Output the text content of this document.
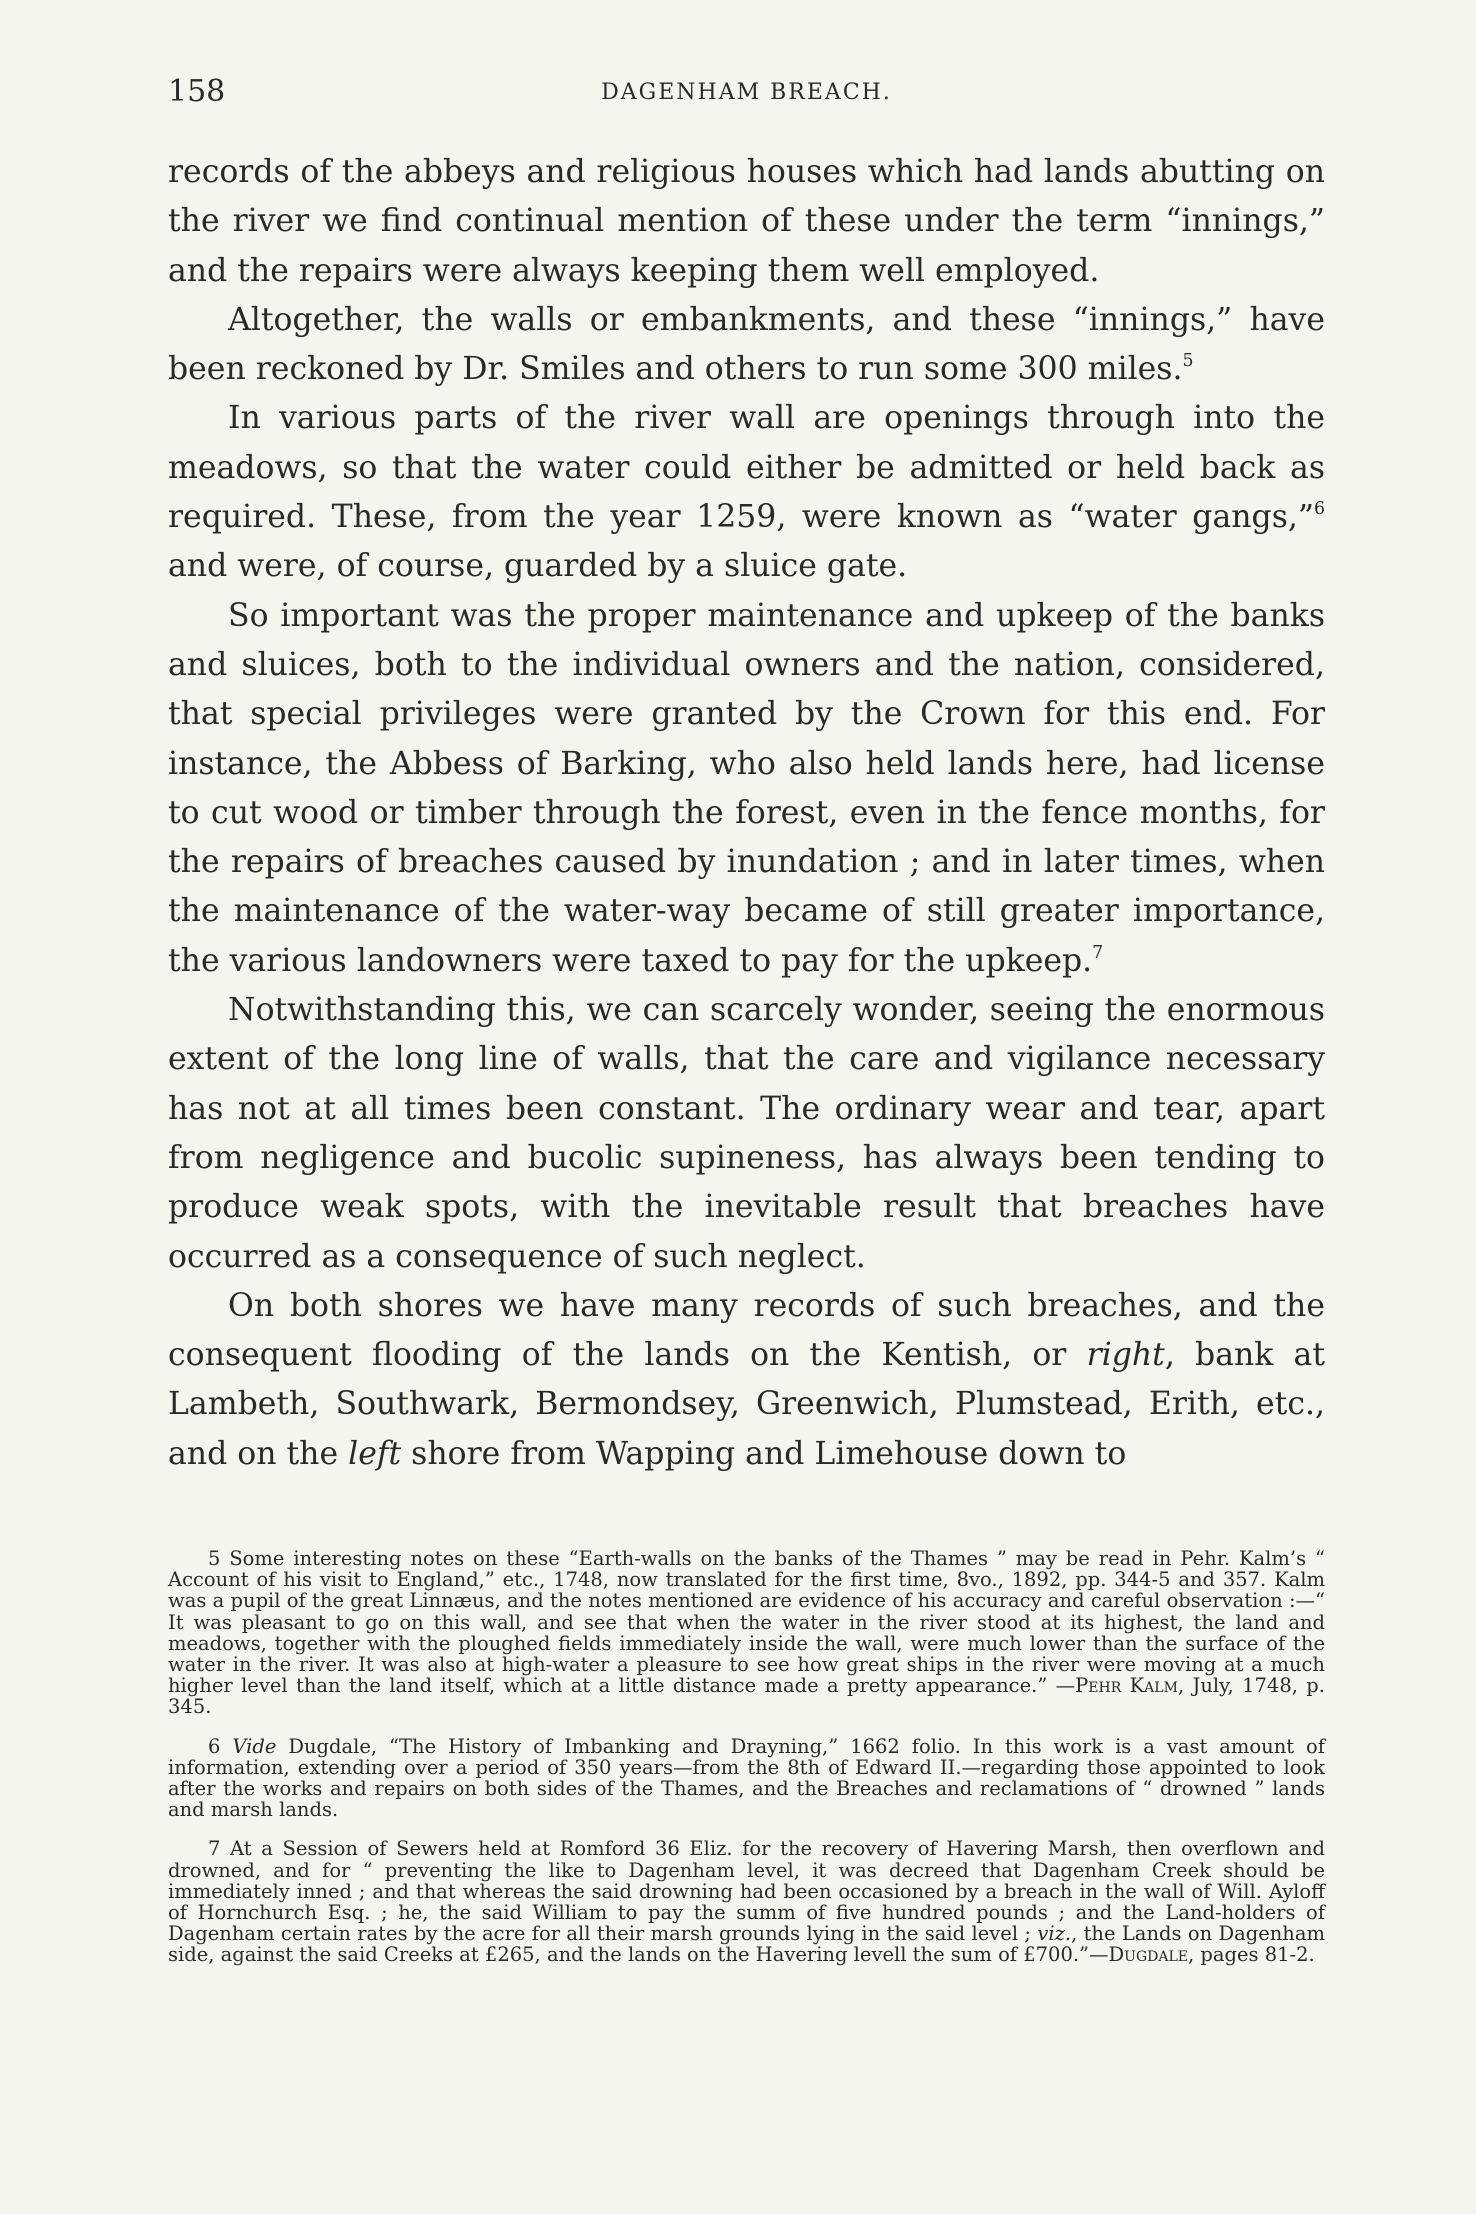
158	DAGENHAM BREACH.

records of the abbeys and religious houses which had lands abutting on the river we find continual mention of these under the term “innings,” and the repairs were always keeping them well employed.

Altogether, the walls or embankments, and these “innings,” have been reckoned by Dr. Smiles and others to run some 300 miles.$^5$

In various parts of the river wall are openings through into the meadows, so that the water could either be admitted or held back as required. These, from the year 1259, were known as “water gangs,”$^6$ and were, of course, guarded by a sluice gate.

So important was the proper maintenance and upkeep of the banks and sluices, both to the individual owners and the nation, considered, that special privileges were granted by the Crown for this end. For instance, the Abbess of Barking, who also held lands here, had license to cut wood or timber through the forest, even in the fence months, for the repairs of breaches caused by inundation ; and in later times, when the maintenance of the water-way became of still greater importance, the various landowners were taxed to pay for the upkeep.$^7$

Notwithstanding this, we can scarcely wonder, seeing the enormous extent of the long line of walls, that the care and vigilance necessary has not at all times been constant. The ordinary wear and tear, apart from negligence and bucolic supineness, has always been tending to produce weak spots, with the inevitable result that breaches have occurred as a consequence of such neglect.

On both shores we have many records of such breaches, and the consequent flooding of the lands on the Kentish, or right, bank at Lambeth, Southwark, Bermondsey, Greenwich, Plumstead, Erith, etc., and on the left shore from Wapping and Limehouse down to

5 Some interesting notes on these “Earth-walls on the banks of the Thames ” may be read in Pehr. Kalm’s “ Account of his visit to England,” etc., 1748, now translated for the first time, 8vo., 1892, pp. 344-5 and 357. Kalm was a pupil of the great Linnæus, and the notes mentioned are evidence of his accuracy and careful observation :—“ It was pleasant to go on this wall, and see that when the water in the river stood at its highest, the land and meadows, together with the ploughed fields immediately inside the wall, were much lower than the surface of the water in the river. It was also at high-water a pleasure to see how great ships in the river were moving at a much higher level than the land itself, which at a little distance made a pretty appearance.” —Pehr Kalm, July, 1748, p. 345.

6 Vide Dugdale, “The History of Imbanking and Drayning,” 1662 folio. In this work is a vast amount of information, extending over a period of 350 years—from the 8th of Edward II.—regarding those appointed to look after the works and repairs on both sides of the Thames, and the Breaches and reclamations of “ drowned ” lands and marsh lands.

7 At a Session of Sewers held at Romford 36 Eliz. for the recovery of Havering Marsh, then overflown and drowned, and for “ preventing the like to Dagenham level, it was decreed that Dagenham Creek should be immediately inned ; and that whereas the said drowning had been occasioned by a breach in the wall of Will. Ayloff of Hornchurch Esq. ; he, the said William to pay the summ of five hundred pounds ; and the Land-holders of Dagenham certain rates by the acre for all their marsh grounds lying in the said level ; viz., the Lands on Dagenham side, against the said Creeks at £265, and the lands on the Havering levell the sum of £700.”—Dugdale, pages 81-2.
